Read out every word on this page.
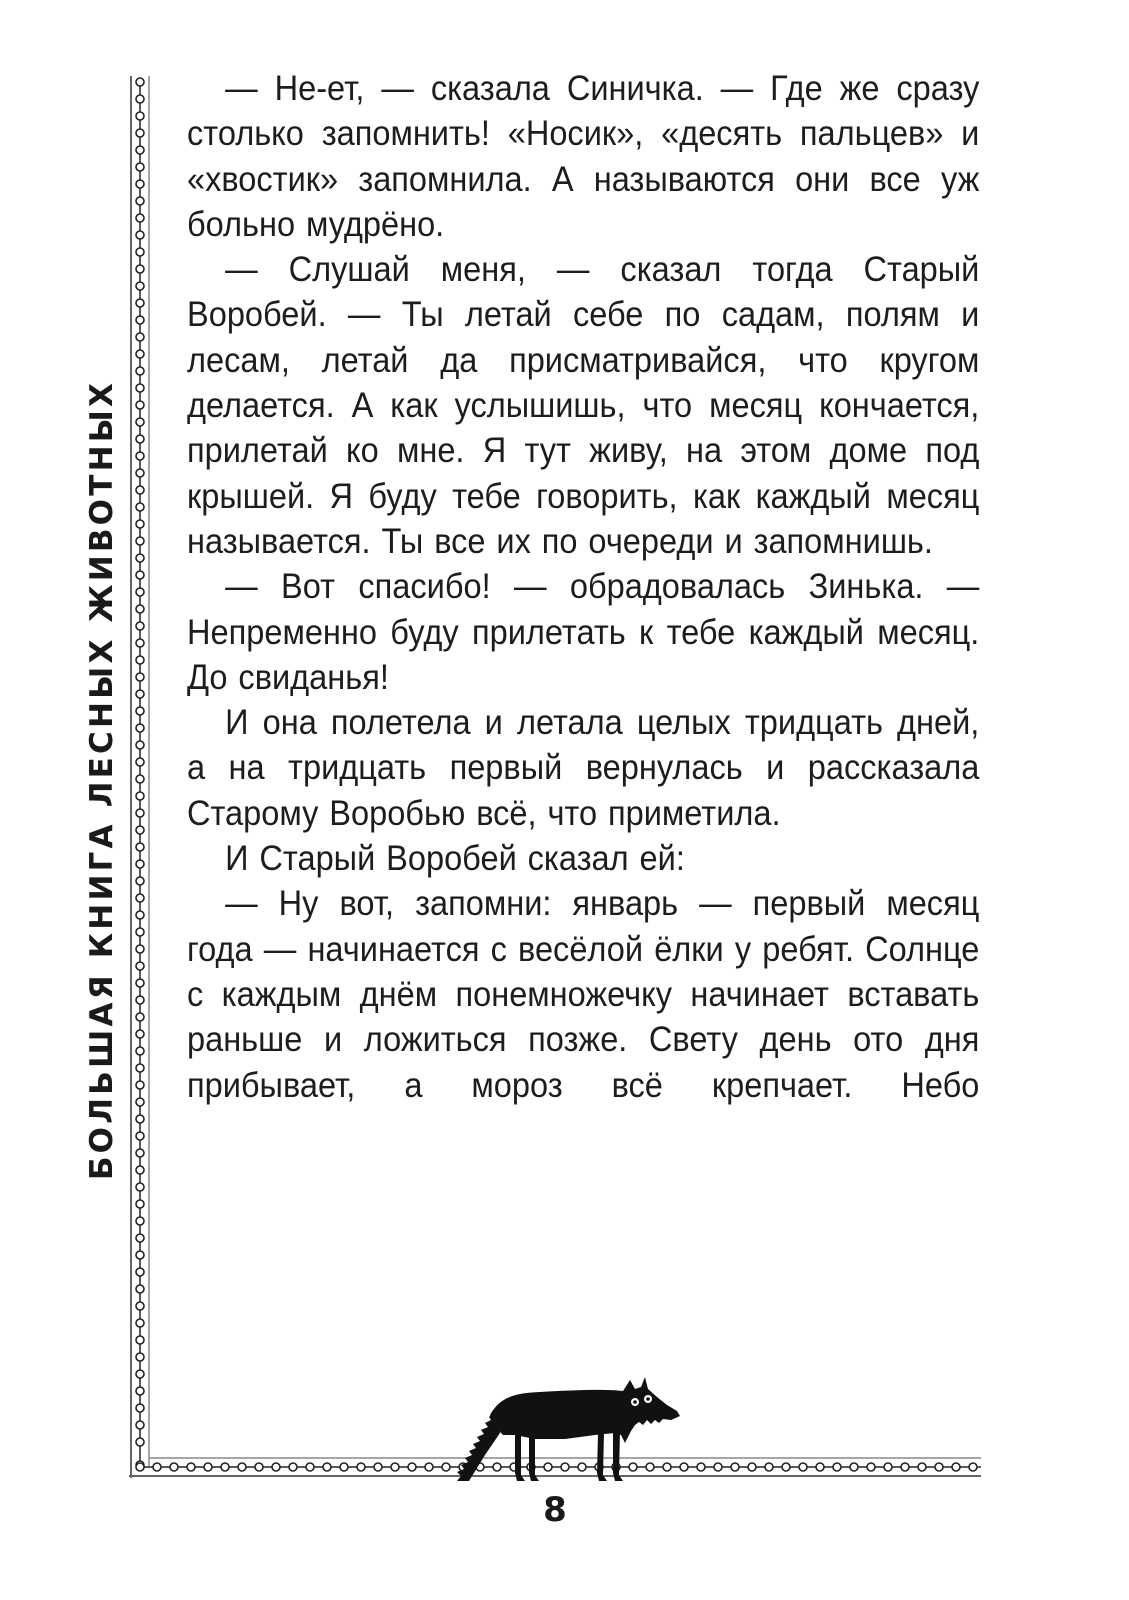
БОЛЬШАЯ КНИГА ЛЕСНЫХ ЖИВОТНЫХ

— Не-ет, — сказала Синичка. — Где же сразу столько запомнить! «Носик», «десять пальцев» и «хвостик» запомнила. А называются они все уж больно мудрёно.

— Слушай меня, — сказал тогда Старый Воробей. — Ты летай себе по садам, полям и лесам, летай да присматривайся, что кругом делается. А как услышишь, что месяц кончается, прилетай ко мне. Я тут живу, на этом доме под крышей. Я буду тебе говорить, как каждый месяц называется. Ты все их по очереди и запомнишь.

— Вот спасибо! — обрадовалась Зинька. — Непременно буду прилетать к тебе каждый месяц. До свиданья!

И она полетела и летала целых тридцать дней, а на тридцать первый вернулась и рассказала Старому Воробью всё, что приметила.

И Старый Воробей сказал ей:

— Ну вот, запомни: январь — первый месяц года — начинается с весёлой ёлки у ребят. Солнце с каждым днём понемножечку начинает вставать раньше и ложиться позже. Свету день ото дня прибывает, а мороз всё крепчает. Небо

8
